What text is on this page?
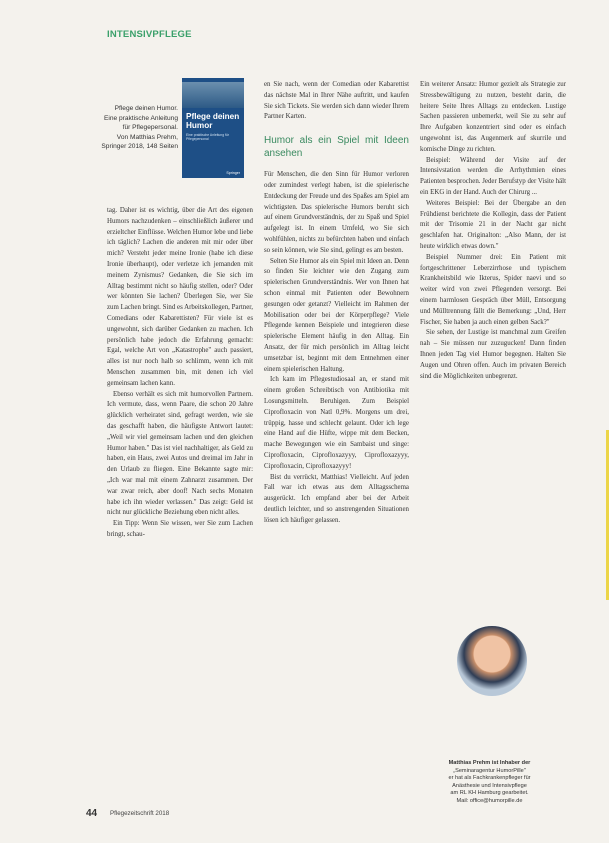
INTENSIVPFLEGE
Pflege deinen Humor.
Eine praktische Anleitung
für Pflegepersonal.
Von Matthias Prehm,
Springer 2018, 148 Seiten
Pflege deinen Humor
Eine praktische Anleitung für Pflegepersonal
Springer

tag. Daher ist es wichtig, über die Art des eigenen Humors nachzudenken – einschließlich äußerer und erzieltcher Einflüsse. Welchen Humor lebe und liebe ich täglich? Lachen die anderen mit mir oder über mich? Versteht jeder meine Ironie (habe ich diese Ironie überhaupt), oder verletze ich jemanden mit meinem Zynismus? Gedanken, die Sie sich im Alltag bestimmt nicht so häufig stellen, oder? Oder wer könnten Sie lachen? Überlegen Sie, wer Sie zum Lachen bringt. Sind es Arbeitskollegen, Partner, Comedians oder Kabarettisten? Für viele ist es ungewohnt, sich darüber Gedanken zu machen. Ich persönlich habe jedoch die Erfahrung gemacht: Egal, welche Art von „Katastrophe" auch passiert, alles ist nur noch halb so schlimm, wenn ich mit Menschen zusammen bin, mit denen ich viel gemeinsam lachen kann.

Ebenso verhält es sich mit humorvollen Partnern. Ich vermute, dass, wenn Paare, die schon 20 Jahre glücklich verheiratet sind, gefragt werden, wie sie das geschafft haben, die häufigste Antwort lautet: „Weil wir viel gemeinsam lachen und den gleichen Humor haben." Das ist viel nachhaltiger, als Geld zu haben, ein Haus, zwei Autos und dreimal im Jahr in den Urlaub zu fliegen. Eine Bekannte sagte mir: „Ich war mal mit einem Zahnarzt zusammen. Der war zwar reich, aber doof! Nach sechs Monaten habe ich ihn wieder verlassen." Das zeigt: Geld ist nicht nur glückliche Beziehung eben nicht alles.

Ein Tipp: Wenn Sie wissen, wer Sie zum Lachen bringt, schau-

en Sie nach, wenn der Comedian oder Kabarettist das nächste Mal in Ihrer Nähe auftritt, und kaufen Sie sich Tickets. Sie werden sich dann wieder Ihrem Partner Karten.

Humor als ein Spiel mit Ideen ansehen

Für Menschen, die den Sinn für Humor verloren oder zumindest verlegt haben, ist die spielerische Entdeckung der Freude und des Spaßes am Spiel am wichtigsten. Das spielerische Humors beruht sich auf einem Grundverständnis, der zu Spaß und Spiel aufgelegt ist. In einem Umfeld, wo Sie sich wohlfühlen, nichts zu befürchten haben und einfach so sein können, wie Sie sind, gelingt es am besten.

Selten Sie Humor als ein Spiel mit Ideen an. Denn so finden Sie leichter wie den Zugang zum spielerischen Grundverständnis. Wer von Ihnen hat schon einmal mit Patienten oder Bewohnern gesungen oder getanzt? Vielleicht im Rahmen der Mobilisation oder bei der Körperpflege? Viele Pflegende kennen Beispiele und integrieren diese spielerische Element häufig in den Alltag. Ein Ansatz, der für mich persönlich im Alltag leicht umsetzbar ist, beginnt mit dem Entnehmen einer einem spielerischen Haltung.

Ich kam im Pflegestudiosaal an, er stand mit einem großen Schreibtisch von Antibiotika mit Losungsmitteln. Beruhigen. Zum Beispiel Ciprofloxacin von Natl 0,9%. Morgens um drei, trüppig, hasse und schlecht gelaunt. Oder ich lege eine Hand auf die Hüfte, wippe mit dem Becken, mache Bewegungen wie ein Sambaist und singe: Ciprofloxacin, Ciprofloxazyyy, Ciprofloxazyyy, Ciprofloxacin, Ciprofloxazyyy!

Bist du verrückt, Matthias! Vielleicht. Auf jeden Fall war ich etwas aus dem Alltagsschema ausgerückt. Ich empfand aber bei der Arbeit deutlich leichter, und so anstrengenden Situationen lösen ich häufiger gelassen.

Ein weiterer Ansatz: Humor gezielt als Strategie zur Stressbewältigung zu nutzen, besteht darin, die heitere Seite Ihres Alltags zu entdecken. Lustige Sachen passieren unbemerkt, weil Sie zu sehr auf Ihre Aufgaben konzentriert sind oder es einfach ungewohnt ist, das Augenmerk auf skurrile und komische Dinge zu richten.

Beispiel: Während der Visite auf der Intensivstation werden die Arrhythmien eines Patienten besprochen. Jeder Berufstyp der Visite hält ein EKG in der Hand. Auch der Chirurg ...

Weiteres Beispiel: Bei der Übergabe an den Frühdienst berichtete die Kollegin, dass der Patient mit der Trisomie 21 in der Nacht gar nicht geschlafen hat. Originalton: „Also Mann, der ist heute wirklich etwas down."

Beispiel Nummer drei: Ein Patient mit fortgeschrittener Leberzirrhose und typischem Krankheitsbild wie Ikterus, Spider naevi und so weiter wird von zwei Pflegenden versorgt. Bei einem harmlosen Gespräch über Müll, Entsorgung und Mülltrennung fällt die Bemerkung: „Und, Herr Fischer, Sie haben ja auch einen gelben Sack?"

Sie sehen, der Lustige ist manchmal zum Greifen nah – Sie müssen nur zuzugucken! Dann finden Ihnen jeden Tag viel Humor begegnen. Halten Sie Augen und Ohren offen. Auch im privaten Bereich sind die Möglichkeiten unbegrenzt.

Matthias Prehm ist Inhaber der
„Seminaragentur HumorPille"
er hat als Fachkrankenpfleger für
Anästhesie und Intensivpflege
am RL KH Hamburg gearbeitet.
Mail: office@humorpille.de
44 Pflegezeitschrift 2018
